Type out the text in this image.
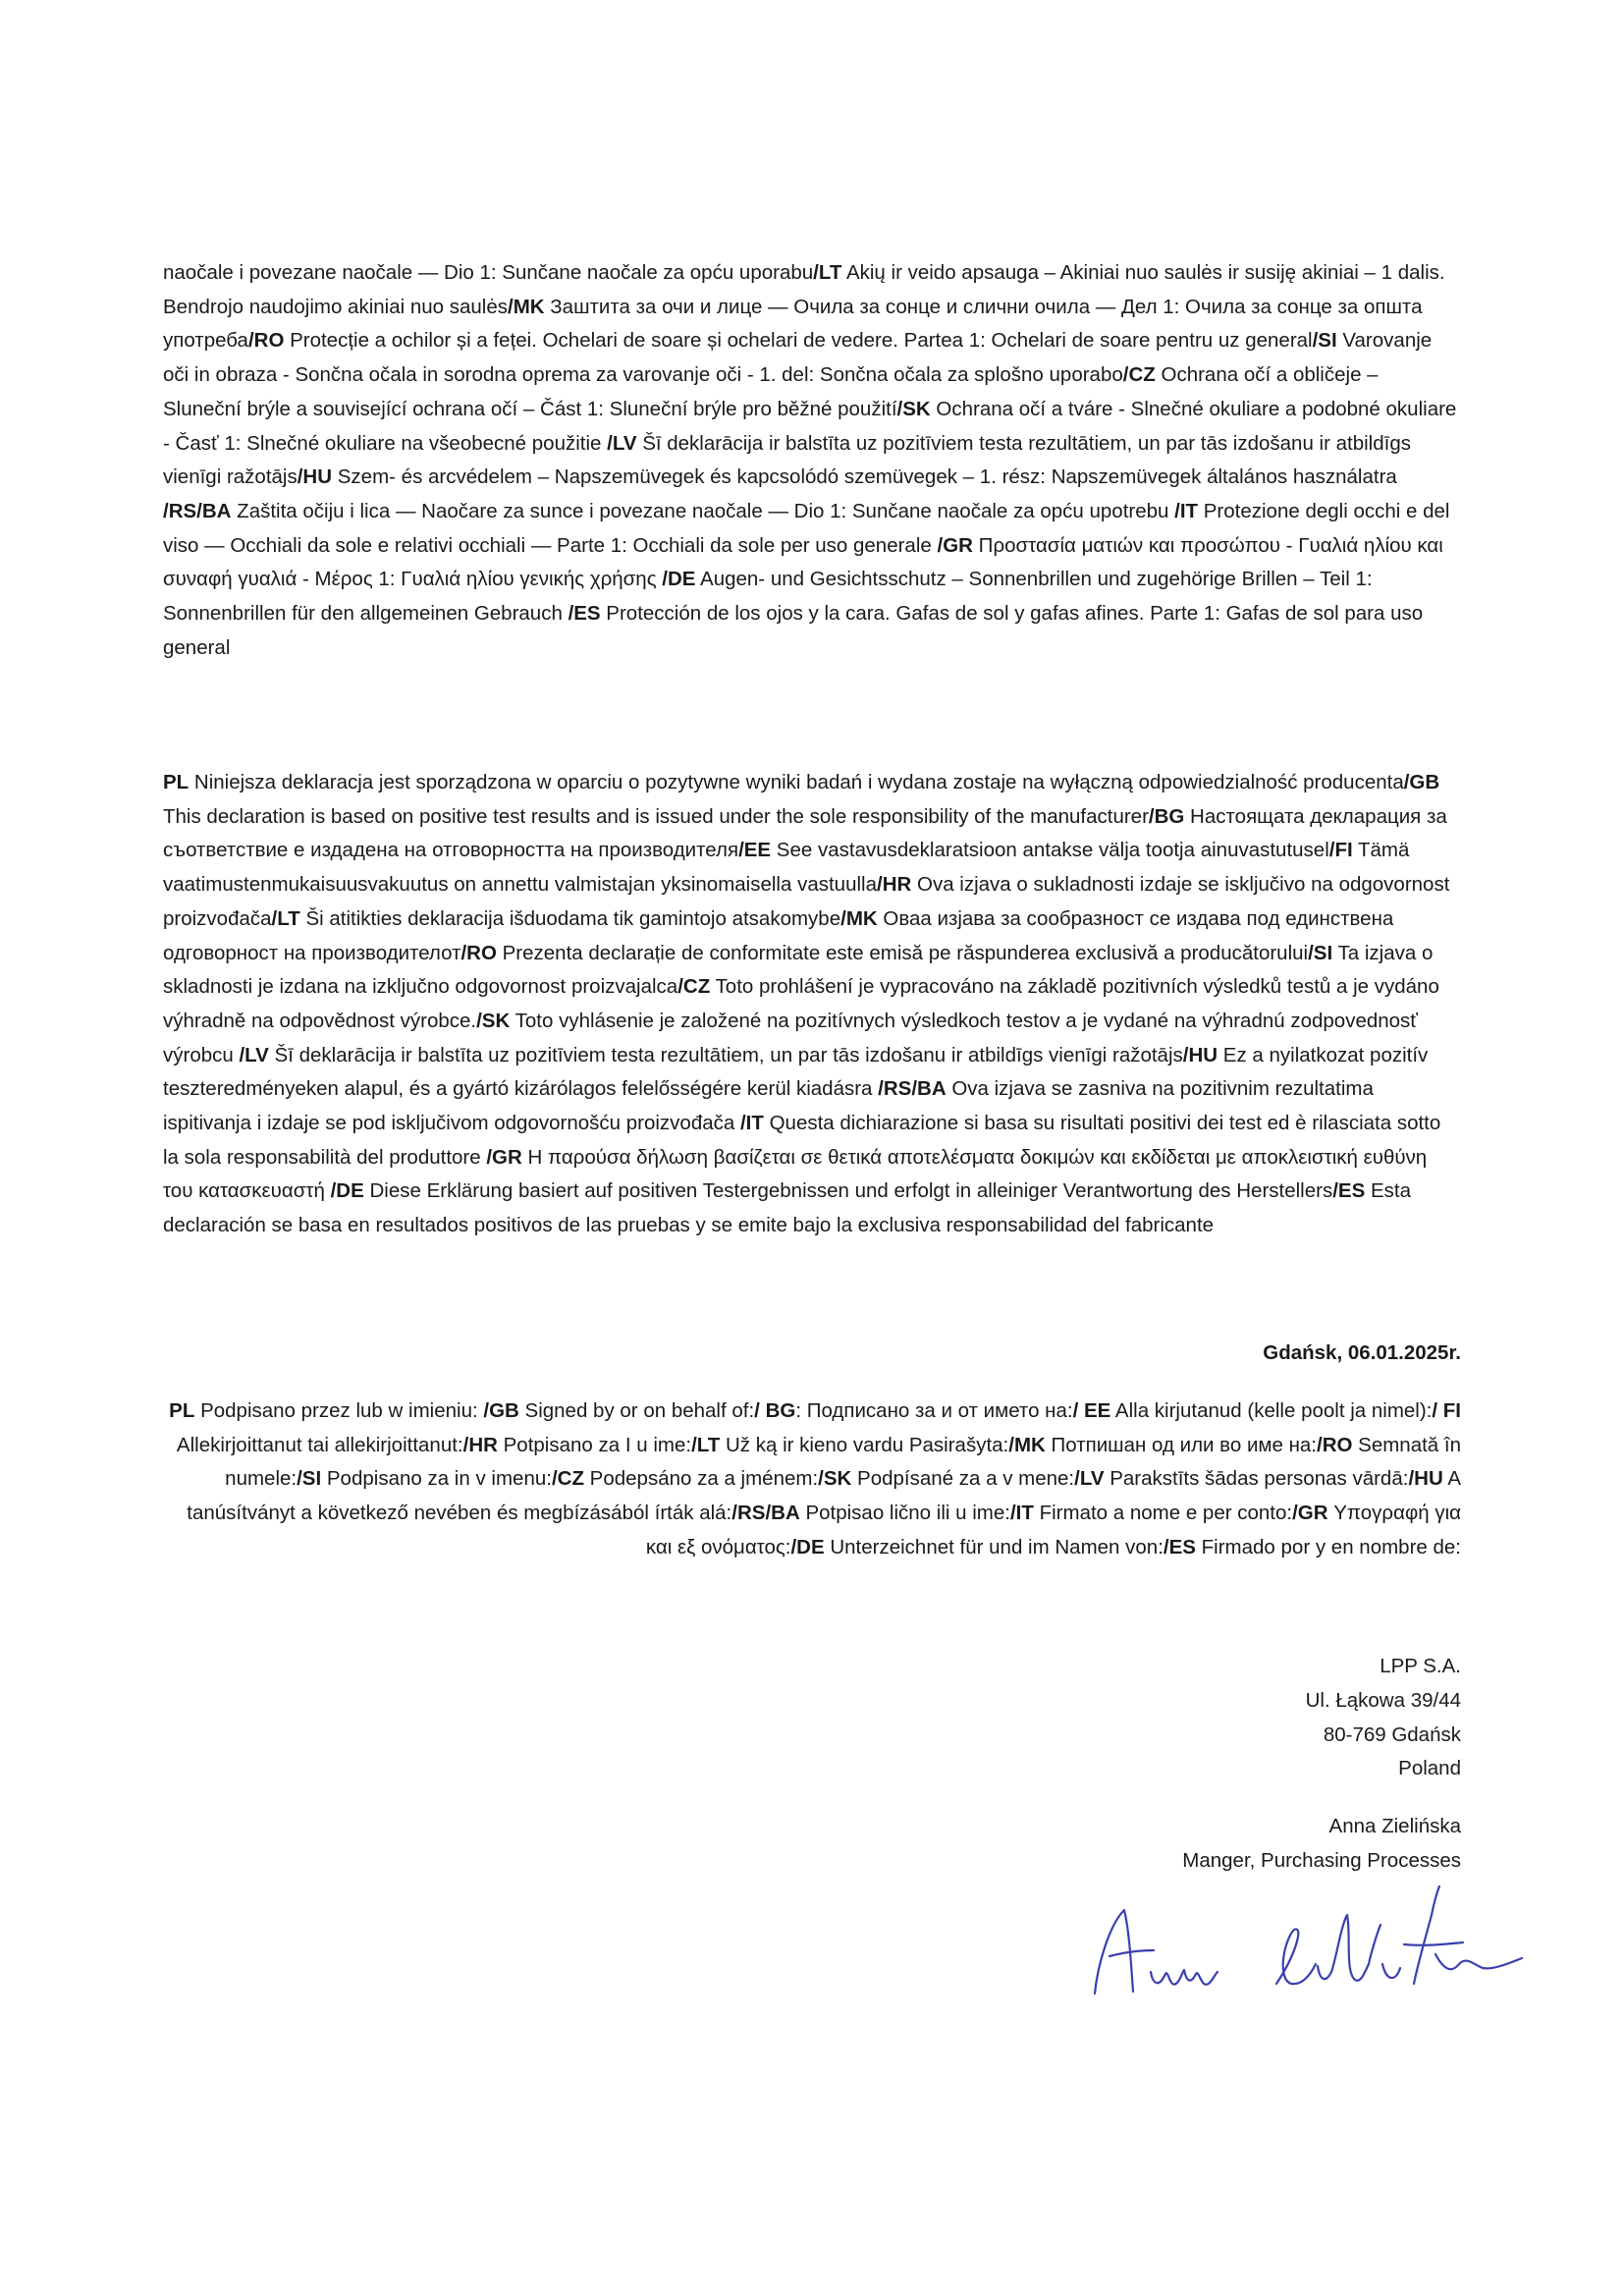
naočale i povezane naočale — Dio 1: Sunčane naočale za opću uporabu/LT Akių ir veido apsauga – Akiniai nuo saulės ir susiję akiniai – 1 dalis. Bendrojo naudojimo akiniai nuo saulės/MK Заштита за очи и лице — Очила за сонце и слични очила — Дел 1: Очила за сонце за општа употреба/RO Protecție a ochilor și a feței. Ochelari de soare și ochelari de vedere. Partea 1: Ochelari de soare pentru uz general/SI Varovanje oči in obraza - Sončna očala in sorodna oprema za varovanje oči - 1. del: Sončna očala za splošno uporabo/CZ Ochrana očí a obličeje – Sluneční brýle a související ochrana očí – Část 1: Sluneční brýle pro běžné použití/SK Ochrana očí a tváre - Slnečné okuliare a podobné okuliare - Časť 1: Slnečné okuliare na všeobecné použitie /LV Šī deklarācija ir balstīta uz pozitīviem testa rezultātiem, un par tās izdošanu ir atbildīgs vienīgi ražotājs/HU Szem- és arcvédelem – Napszemüvegek és kapcsolódó szemüvegek – 1. rész: Napszemüvegek általános használatra /RS/BA Zaštita očiju i lica — Naočare za sunce i povezane naočale — Dio 1: Sunčane naočale za opću upotrebu /IT Protezione degli occhi e del viso — Occhiali da sole e relativi occhiali — Parte 1: Occhiali da sole per uso generale /GR Προστασία ματιών και προσώπου - Γυαλιά ηλίου και συναφή γυαλιά - Μέρος 1: Γυαλιά ηλίου γενικής χρήσης /DE Augen- und Gesichtsschutz – Sonnenbrillen und zugehörige Brillen – Teil 1: Sonnenbrillen für den allgemeinen Gebrauch /ES Protección de los ojos y la cara. Gafas de sol y gafas afines. Parte 1: Gafas de sol para uso general
PL Niniejsza deklaracja jest sporządzona w oparciu o pozytywne wyniki badań i wydana zostaje na wyłączną odpowiedzialność producenta/GB This declaration is based on positive test results and is issued under the sole responsibility of the manufacturer/BG Настоящата декларация за съответствие е издадена на отговорността на производителя/EE See vastavusdeklaratsioon antakse välja tootja ainuvastutusel/FI Tämä vaatimustenmukaisuusvakuutus on annettu valmistajan yksinomaisella vastuulla/HR Ova izjava o sukladnosti izdaje se isključivo na odgovornost proizvođača/LT Ši atitikties deklaracija išduodama tik gamintojo atsakomybe/MK Оваа изјава за сообразност се издава под единствена одговорност на производителот/RO Prezenta declarație de conformitate este emisă pe răspunderea exclusivă a producătorului/SI Ta izjava o skladnosti je izdana na izključno odgovornost proizvajalca/CZ Toto prohlášení je vypracováno na základě pozitivních výsledků testů a je vydáno výhradně na odpovědnost výrobce./SK Toto vyhlásenie je založené na pozitívnych výsledkoch testov a je vydané na výhradnú zodpovednosť výrobcu /LV Šī deklarācija ir balstīta uz pozitīviem testa rezultātiem, un par tās izdošanu ir atbildīgs vienīgi ražotājs/HU Ez a nyilatkozat pozitív teszteredményeken alapul, és a gyártó kizárólagos felelősségére kerül kiadásra /RS/BA Ova izjava se zasniva na pozitivnim rezultatima ispitivanja i izdaje se pod isključivom odgovornošću proizvođača /IT Questa dichiarazione si basa su risultati positivi dei test ed è rilasciata sotto la sola responsabilità del produttore /GR H παρούσα δήλωση βασίζεται σε θετικά αποτελέσματα δοκιμών και εκδίδεται με αποκλειστική ευθύνη του κατασκευαστή /DE Diese Erklärung basiert auf positiven Testergebnissen und erfolgt in alleiniger Verantwortung des Herstellers/ES Esta declaración se basa en resultados positivos de las pruebas y se emite bajo la exclusiva responsabilidad del fabricante
Gdańsk, 06.01.2025r.
PL Podpisano przez lub w imieniu: /GB Signed by or on behalf of:/ BG: Подписано за и от името на:/ EE Alla kirjutanud (kelle poolt ja nimel):/ FI Allekirjoittanut tai allekirjoittanut:/HR Potpisano za I u ime:/LT Už ką ir kieno vardu Pasirašyta:/MK Потпишан од или во име на:/RO Semnată în numele:/SI Podpisano za in v imenu:/CZ Podepsáno za a jménem:/SK Podpísané za a v mene:/LV Parakstīts šādas personas vārdā:/HU A tanúsítványt a következő nevében és megbízásából írták alá:/RS/BA Potpisao lično ili u ime:/IT Firmato a nome e per conto:/GR Υπογραφή για και εξ ονόματος:/DE Unterzeichnet für und im Namen von:/ES Firmado por y en nombre de:
LPP S.A.
Ul. Łąkowa 39/44
80-769 Gdańsk
Poland
Anna Zielińska
Manger, Purchasing Processes
